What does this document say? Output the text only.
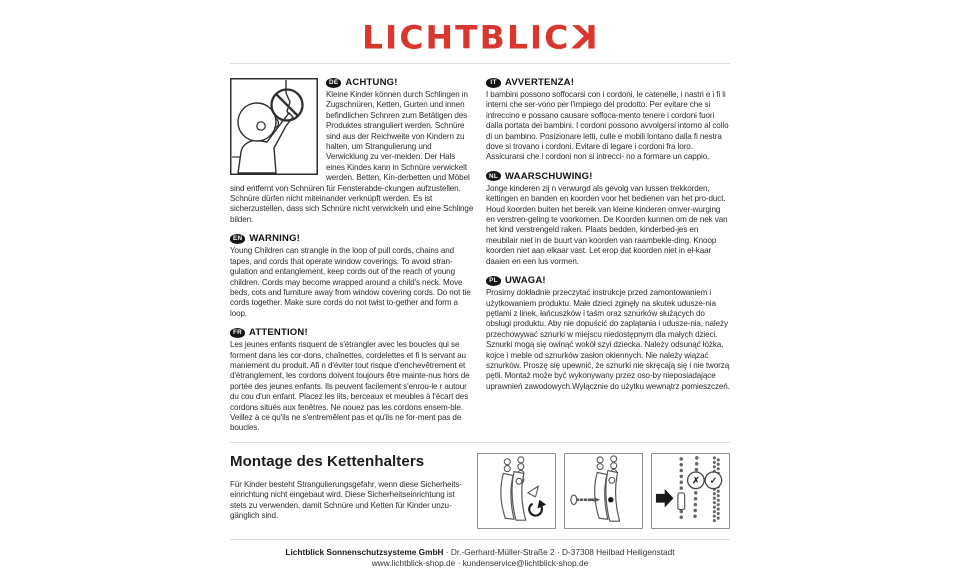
LICHTBLICK
DE ACHTUNG!
Kleine Kinder können durch Schlingen in Zugschnüren, Ketten, Gurten und innen befindlichen Schnren zum Betätigen des Produktes stranguliert werden. Schnüre sind aus der Reichweite von Kindern zu halten, um Strangulierung und Verwicklung zu ver-meiden. Der Hals eines Kindes kann in Schnüre verwickelt werden. Betten, Kin-derbetten und Möbel sind entfernt von Schnüren für Fensterabde-ckungen aufzustellen. Schnüre dürfen nicht miteinander verknüpft werden. Es ist sicherzustellen, dass sich Schnüre nicht verwickeln und eine Schlinge bilden.
EN WARNING!
Young Children can strangle in the loop of pull cords, chains and tapes, and cords that operate window coverings. To avoid stran-gulation and entanglement, keep cords out of the reach of young children. Cords may become wrapped around a child's neck. Move beds, cots and furniture away from window covering cords. Do not tie cords together. Make sure cords do not twist to-gether and form a loop.
FR ATTENTION!
Les jeunes enfants risquent de s'étrangler avec les boucles qui se forment dans les cor-dons, chaînettes, cordelettes et fi ls servant au maniement du produit. Afi n d'éviter tout risque d'enchevêtrement et d'étranglement, les cordons doivent toujours être mainte-nus hors de portée des jeunes enfants. Ils peuvent facilement s'enrou-le r autour du cou d'un enfant. Placez les lits, berceaux et meubles à l'écart des cordons situés aux fenêtres. Ne nouez pas les cordons ensem-ble. Veillez à ce qu'ils ne s'entremêlent pas et qu'ils ne for-ment pas de boucles.
IT AVVERTENZA!
I bambini possono soffocarsi con i cordoni, le catenelle, i nastri e i fi li interni che ser-vono per l'impiego del prodotto. Per evitare che si intreccino e possano causare soffoca-mento tenere i cordoni fuori dalla portata dei bambini. I cordoni possono avvolgersi intorno al collo di un bambino. Posizionare letti, culle e mobili lontano dalla fi nestra dove si trovano i cordoni. Evitare di legare i cordoni fra loro. Assicurarsi che i cordoni non si intrecci- no a formare un cappio.
NL WAARSCHUWING!
Jonge kinderen zij n verwurgd als gevolg van lussen trekkorden, kettingen en banden en koorden voor het bedienen van het pro-duct. Houd koorden buiten het bereik van kleine kinderen omver-wurging en verstren-geling te voorkomen. De Koorden kunnen om de nek van het kind verstrengeld raken. Plaats bedden, kinderbed-jes en meubilair niet in de buurt van koorden van raambekle-ding. Knoop koorden niet aan elkaar vast. Let erop dat koorden niet in el-kaar daaien en een lus vormen.
PL UWAGA!
Prosimy dokładnie przeczytać instrukcje przed zamontowaniem i użytkowaniem produktu. Małe dzieci zginęły na skutek udusze-nia pętlami z linek, łańcuszków i taśm oraz sznurków służących do obsługi produktu. Aby nie dopuścić do zaplątania i udusze-nia, należy przechowywać sznurki w miejscu niedostępnym dla małych dzieci. Sznurki mogą się owinąć wokół szyi dziecka. Należy odsunąć łóżka, kojce i meble od sznurków zasłon okiennych. Nie należy wiązać sznurków. Proszę się upewnić, że sznurki nie skręcają się i nie tworzą pętli. Montaż może być wykonywany przez oso-by nieposiadające uprawnień zawodowych.Wyłącznie do użytku wewnątrz pomieszczeń.
Montage des Kettenhalters
Für Kinder besteht Strangulierungsgefahr, wenn diese Sicherheits-einrichtung nicht eingebaut wird. Diese Sicherheitseinrichtung ist stets zu verwenden, damit Schnüre und Ketten für Kinder unzu-gänglich sind.
✗ ✓
Lichtblick Sonnenschutzsysteme GmbH · Dr.-Gerhard-Müller-Straße 2 · D-37308 Heilbad Heiligenstadt
www.lichtblick-shop.de · kundenservice@lichtblick-shop.de
